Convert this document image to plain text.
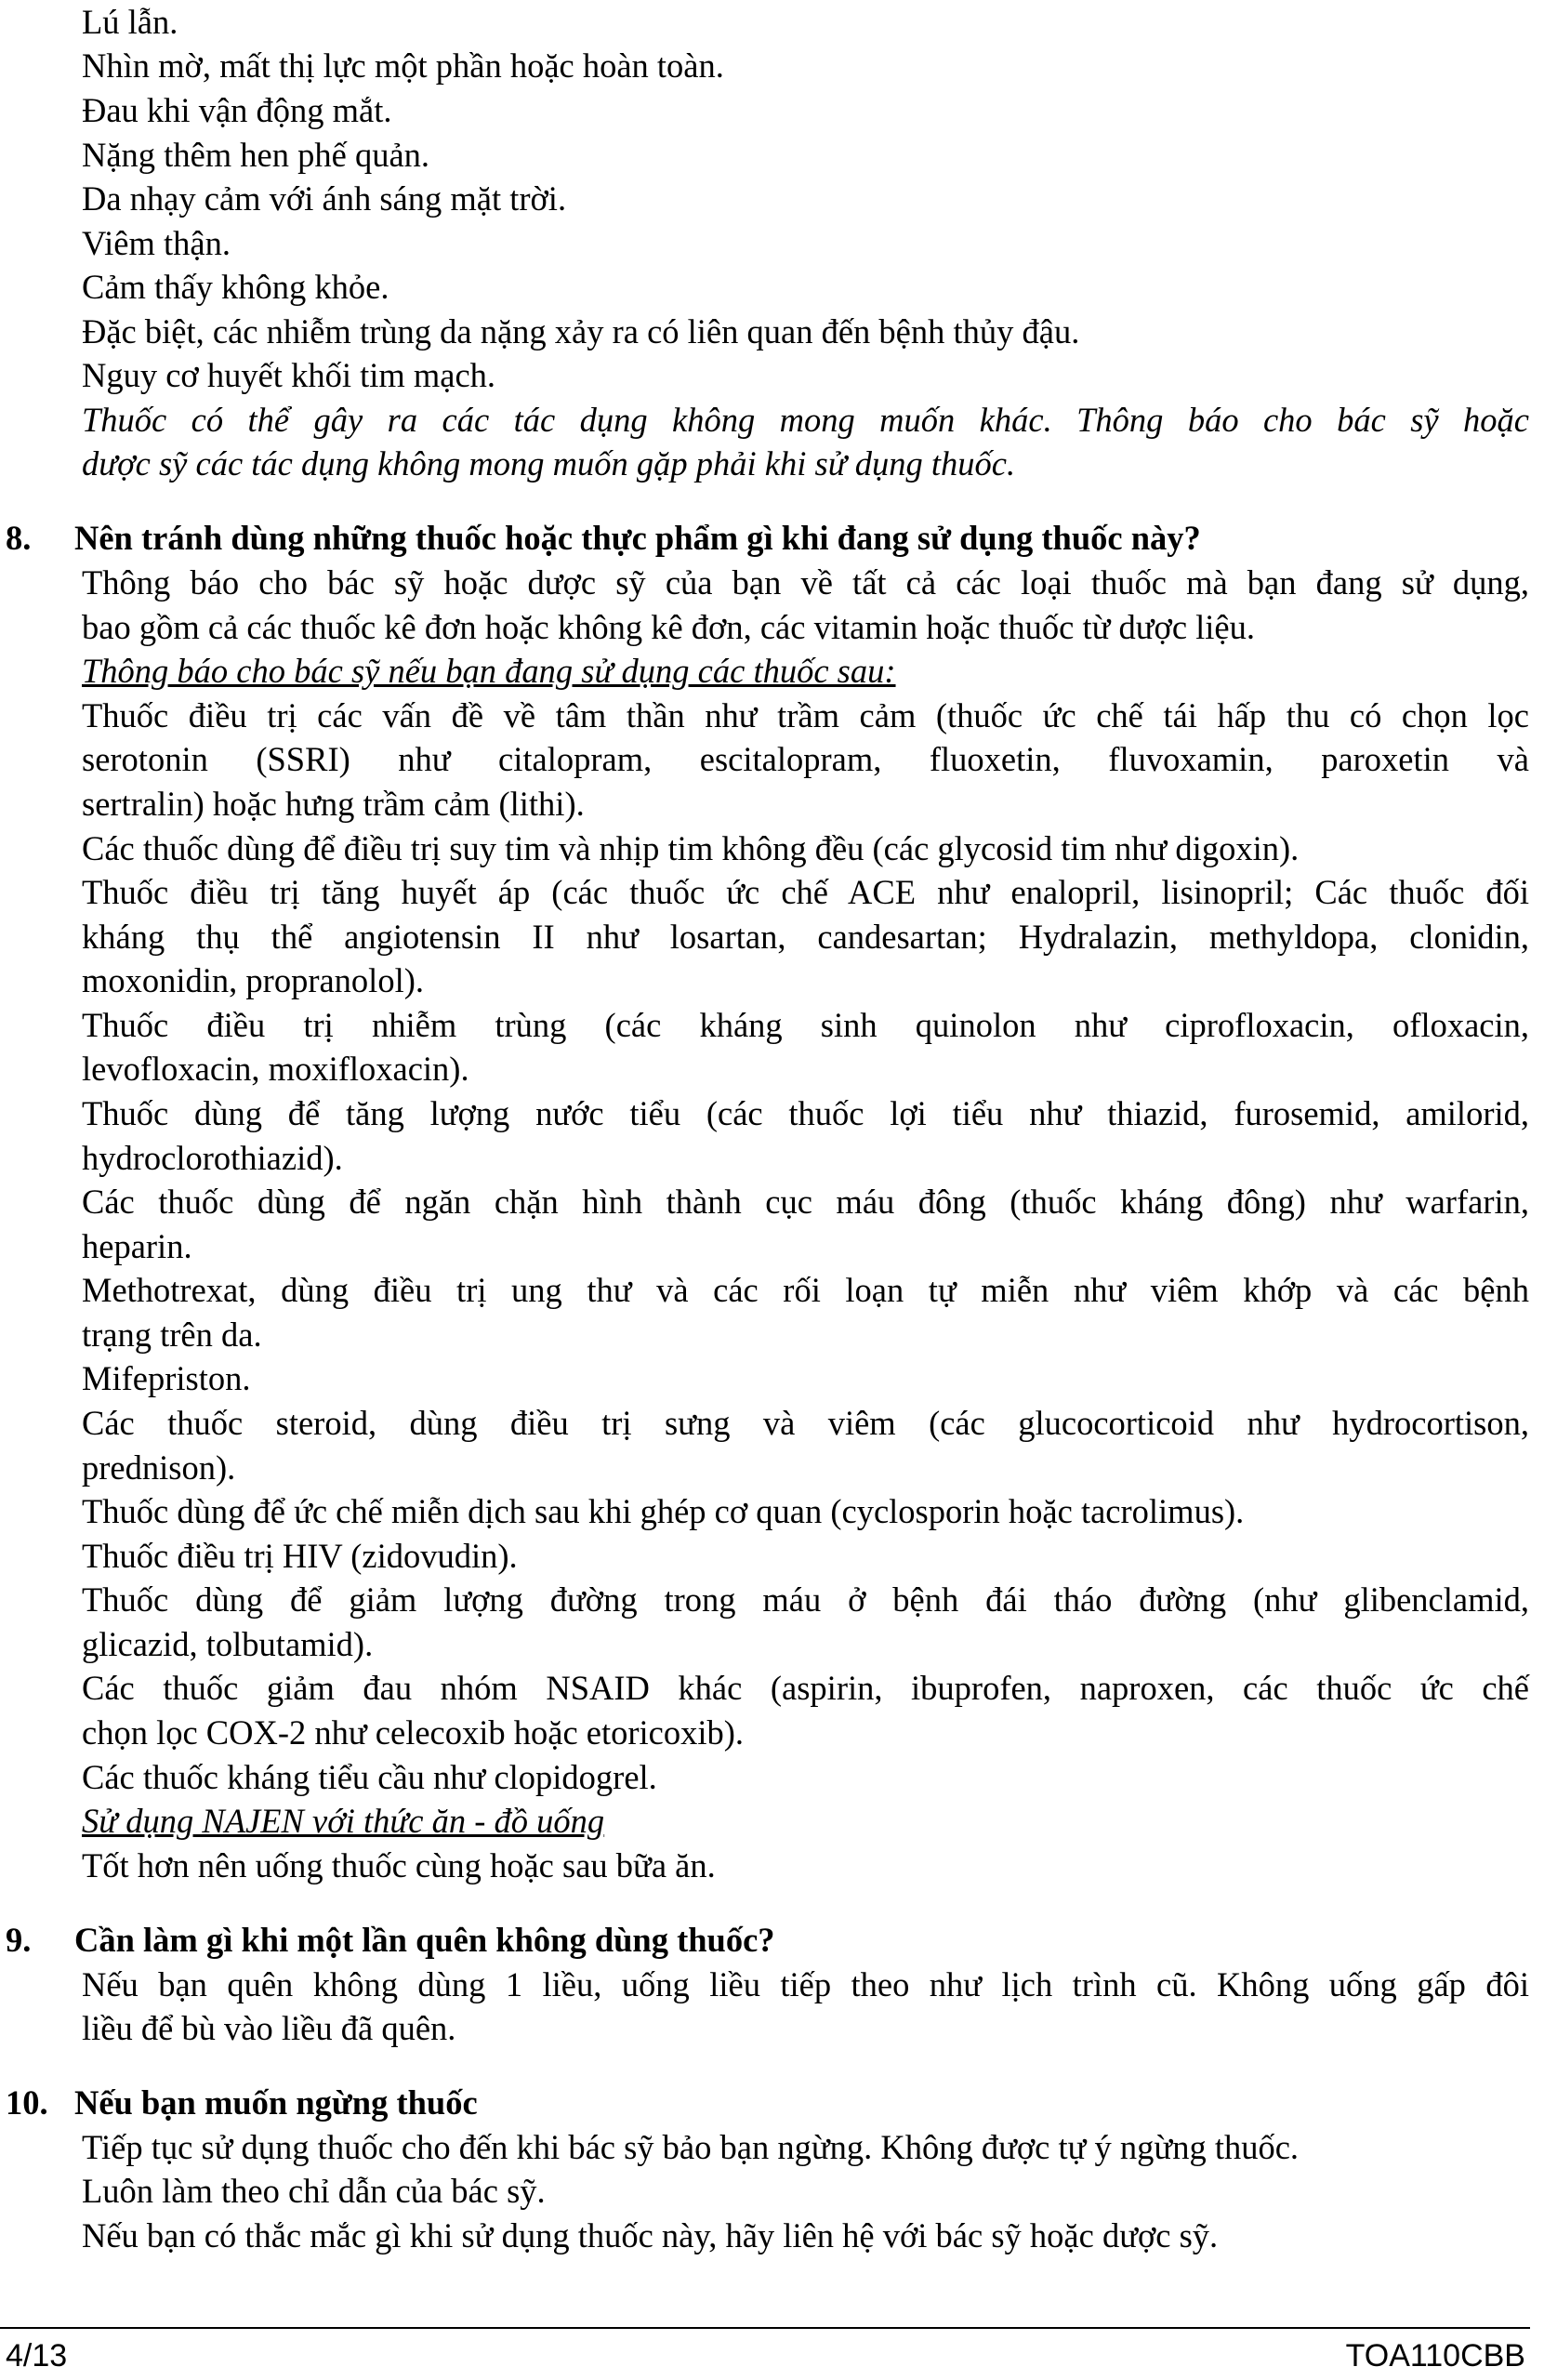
Lú lẫn.
Nhìn mờ, mất thị lực một phần hoặc hoàn toàn.
Đau khi vận động mắt.
Nặng thêm hen phế quản.
Da nhạy cảm với ánh sáng mặt trời.
Viêm thận.
Cảm thấy không khỏe.
Đặc biệt, các nhiễm trùng da nặng xảy ra có liên quan đến bệnh thủy đậu.
Nguy cơ huyết khối tim mạch.
Thuốc có thể gây ra các tác dụng không mong muốn khác. Thông báo cho bác sỹ hoặc
dược sỹ các tác dụng không mong muốn gặp phải khi sử dụng thuốc.
8. Nên tránh dùng những thuốc hoặc thực phẩm gì khi đang sử dụng thuốc này?
Thông báo cho bác sỹ hoặc dược sỹ của bạn về tất cả các loại thuốc mà bạn đang sử dụng,
bao gồm cả các thuốc kê đơn hoặc không kê đơn, các vitamin hoặc thuốc từ dược liệu.
Thông báo cho bác sỹ nếu bạn đang sử dụng các thuốc sau:
Thuốc điều trị các vấn đề về tâm thần như trầm cảm (thuốc ức chế tái hấp thu có chọn lọc
serotonin (SSRI) như citalopram, escitalopram, fluoxetin, fluvoxamin, paroxetin và
sertralin) hoặc hưng trầm cảm (lithi).
Các thuốc dùng để điều trị suy tim và nhịp tim không đều (các glycosid tim như digoxin).
Thuốc điều trị tăng huyết áp (các thuốc ức chế ACE như enalopril, lisinopril; Các thuốc đối
kháng thụ thể angiotensin II như losartan, candesartan; Hydralazin, methyldopa, clonidin,
moxonidin, propranolol).
Thuốc điều trị nhiễm trùng (các kháng sinh quinolon như ciprofloxacin, ofloxacin,
levofloxacin, moxifloxacin).
Thuốc dùng để tăng lượng nước tiểu (các thuốc lợi tiểu như thiazid, furosemid, amilorid,
hydroclorothiazid).
Các thuốc dùng để ngăn chặn hình thành cục máu đông (thuốc kháng đông) như warfarin,
heparin.
Methotrexat, dùng điều trị ung thư và các rối loạn tự miễn như viêm khớp và các bệnh
trạng trên da.
Mifepriston.
Các thuốc steroid, dùng điều trị sưng và viêm (các glucocorticoid như hydrocortison,
prednison).
Thuốc dùng để ức chế miễn dịch sau khi ghép cơ quan (cyclosporin hoặc tacrolimus).
Thuốc điều trị HIV (zidovudin).
Thuốc dùng để giảm lượng đường trong máu ở bệnh đái tháo đường (như glibenclamid,
glicazid, tolbutamid).
Các thuốc giảm đau nhóm NSAID khác (aspirin, ibuprofen, naproxen, các thuốc ức chế
chọn lọc COX-2 như celecoxib hoặc etoricoxib).
Các thuốc kháng tiểu cầu như clopidogrel.
Sử dụng NAJEN với thức ăn - đồ uống
Tốt hơn nên uống thuốc cùng hoặc sau bữa ăn.
9. Cần làm gì khi một lần quên không dùng thuốc?
Nếu bạn quên không dùng 1 liều, uống liều tiếp theo như lịch trình cũ. Không uống gấp đôi
liều để bù vào liều đã quên.
10. Nếu bạn muốn ngừng thuốc
Tiếp tục sử dụng thuốc cho đến khi bác sỹ bảo bạn ngừng. Không được tự ý ngừng thuốc.
Luôn làm theo chỉ dẫn của bác sỹ.
Nếu bạn có thắc mắc gì khi sử dụng thuốc này, hãy liên hệ với bác sỹ hoặc dược sỹ.
4/13	TOA110CBB
